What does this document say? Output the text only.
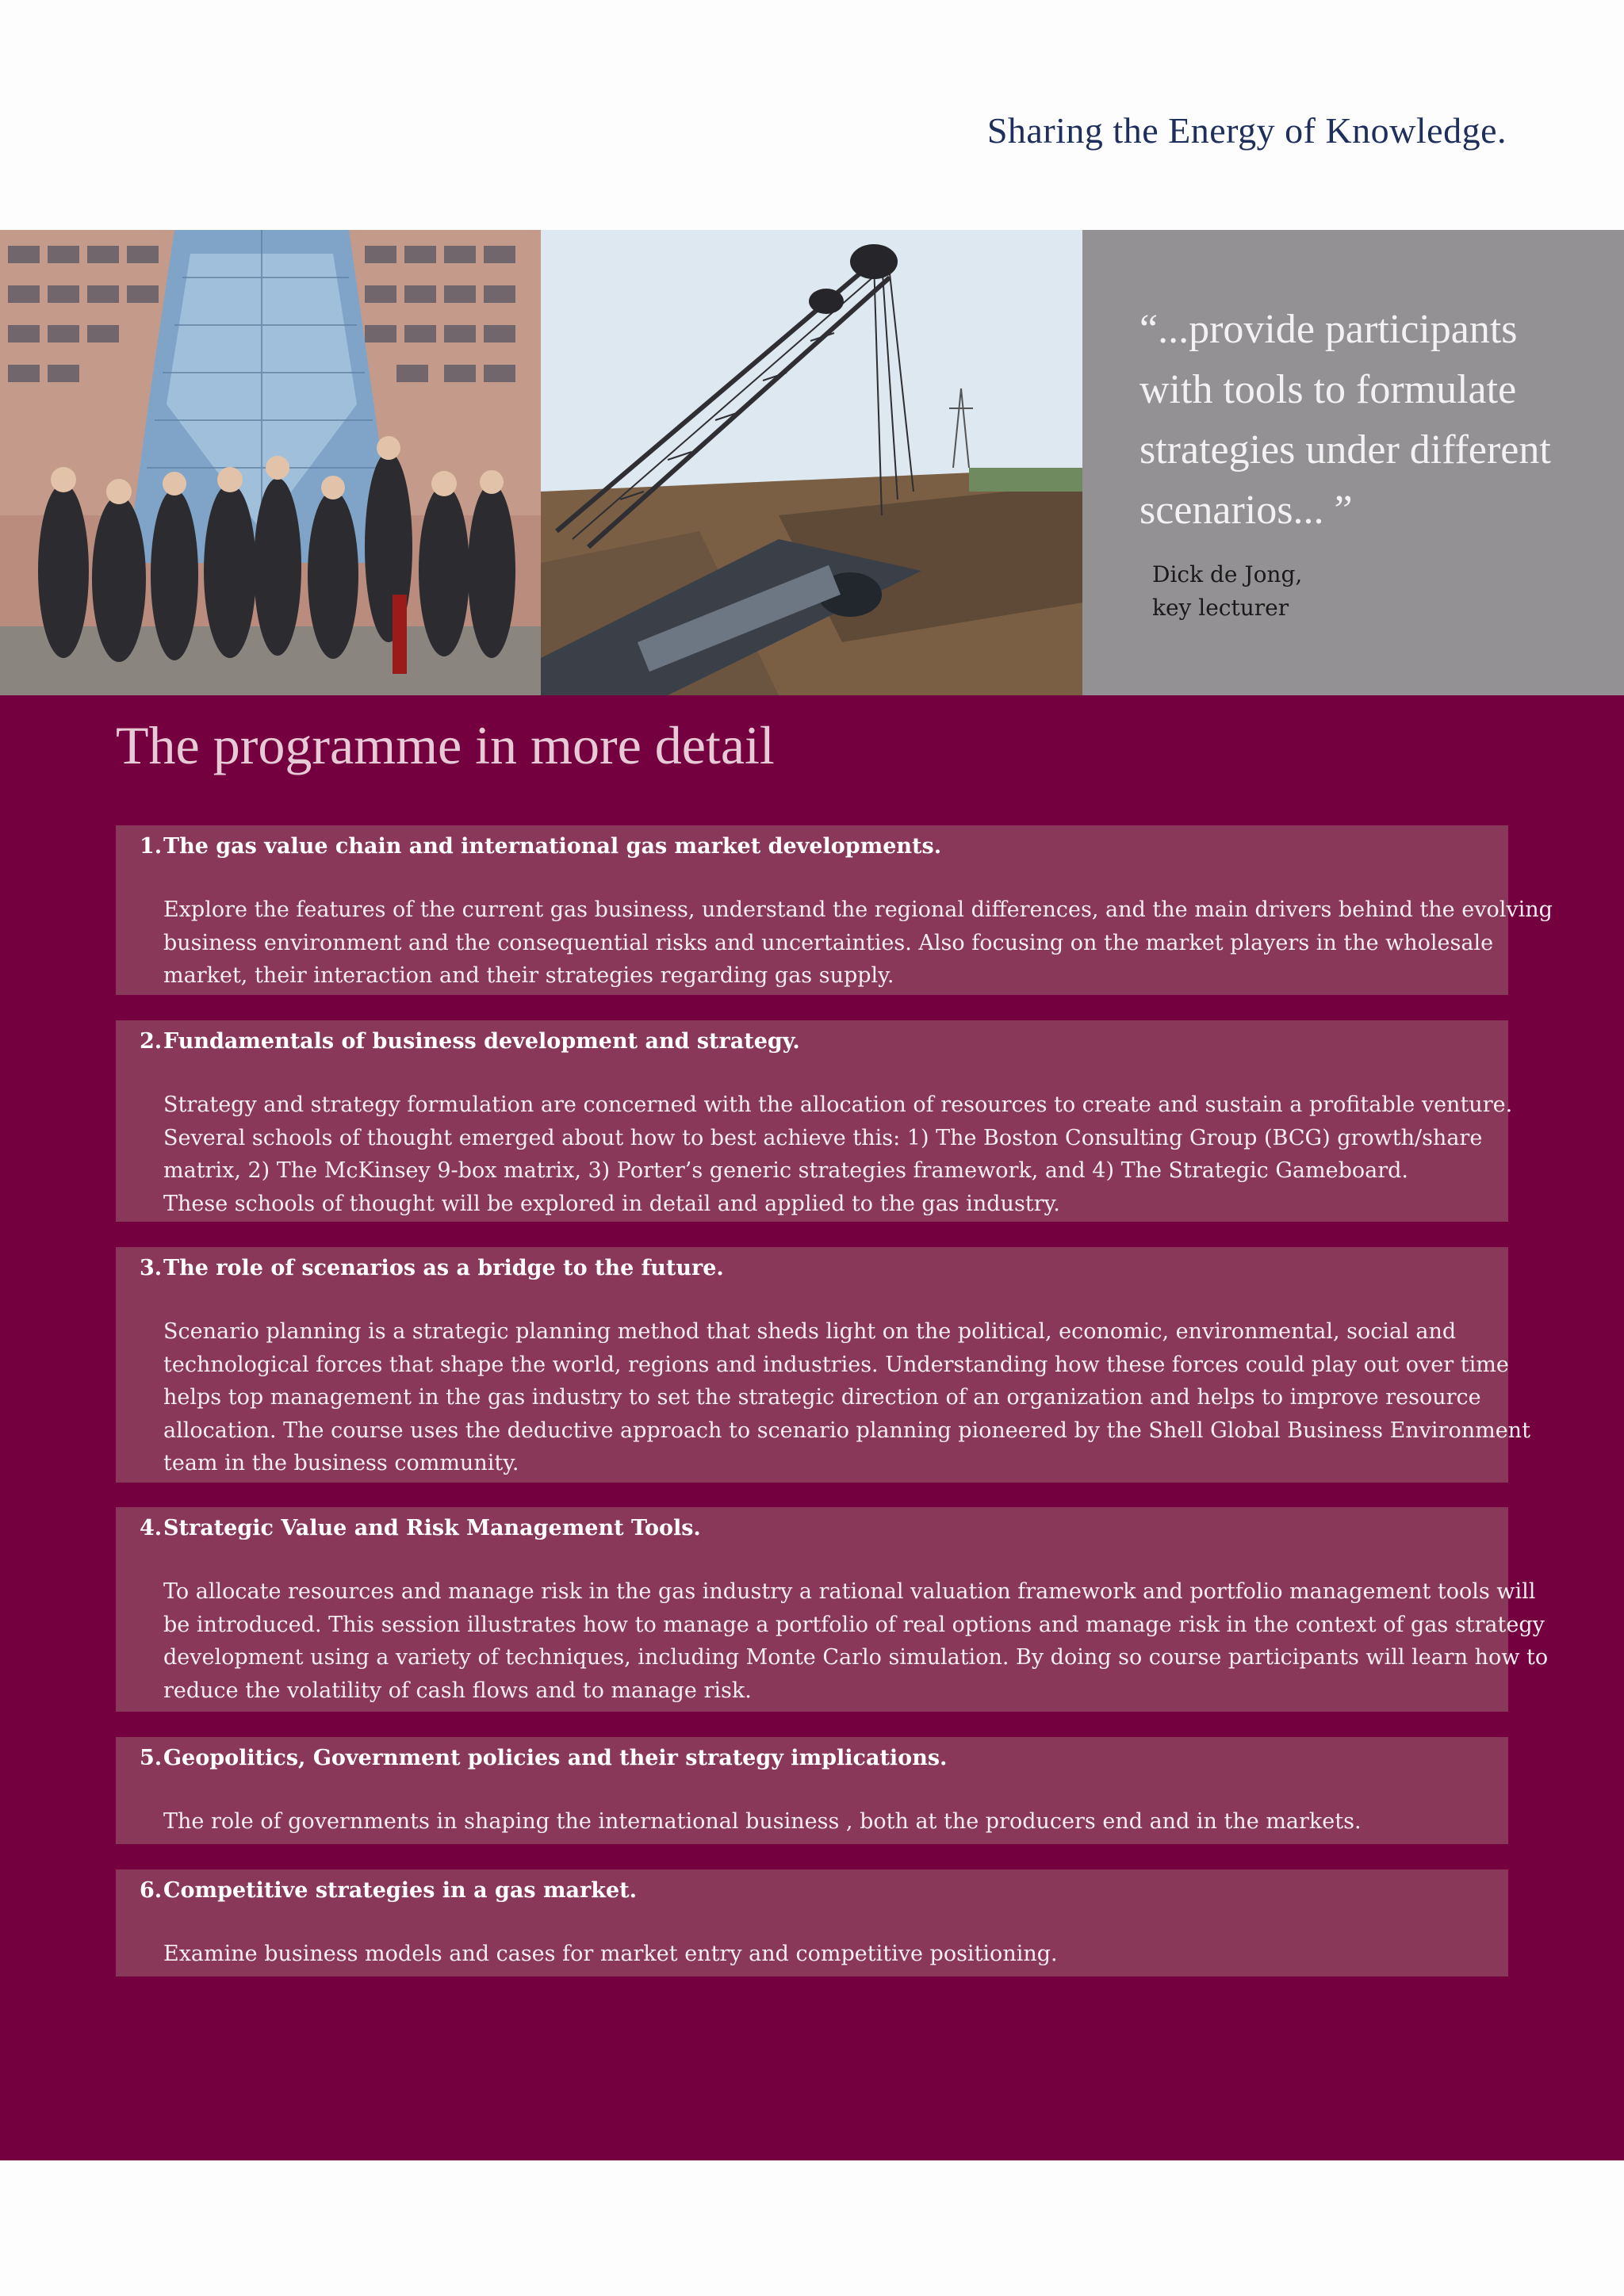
Sharing the Energy of Knowledge.
“...provide participants
with tools to formulate
strategies under different
scenarios... ”
Dick de Jong,
key lecturer
The programme in more detail
1. The gas value chain and international gas market developments.
Explore the features of the current gas business, understand the regional differences, and the main drivers behind the evolving
business environment and the consequential risks and uncertainties. Also focusing on the market players in the wholesale
market, their interaction and their strategies regarding gas supply.
2. Fundamentals of business development and strategy.
Strategy and strategy formulation are concerned with the allocation of resources to create and sustain a profitable venture.
Several schools of thought emerged about how to best achieve this: 1) The Boston Consulting Group (BCG) growth/share
matrix, 2) The McKinsey 9-box matrix, 3) Porter’s generic strategies framework, and 4) The Strategic Gameboard.
These schools of thought will be explored in detail and applied to the gas industry.
3. The role of scenarios as a bridge to the future.
Scenario planning is a strategic planning method that sheds light on the political, economic, environmental, social and
technological forces that shape the world, regions and industries. Understanding how these forces could play out over time
helps top management in the gas industry to set the strategic direction of an organization and helps to improve resource
allocation. The course uses the deductive approach to scenario planning pioneered by the Shell Global Business Environment
team in the business community.
4. Strategic Value and Risk Management Tools.
To allocate resources and manage risk in the gas industry a rational valuation framework and portfolio management tools will
be introduced. This session illustrates how to manage a portfolio of real options and manage risk in the context of gas strategy
development using a variety of techniques, including Monte Carlo simulation. By doing so course participants will learn how to
reduce the volatility of cash flows and to manage risk.
5. Geopolitics, Government policies and their strategy implications.
The role of governments in shaping the international business , both at the producers end and in the markets.
6. Competitive strategies in a gas market.
Examine business models and cases for market entry and competitive positioning.
